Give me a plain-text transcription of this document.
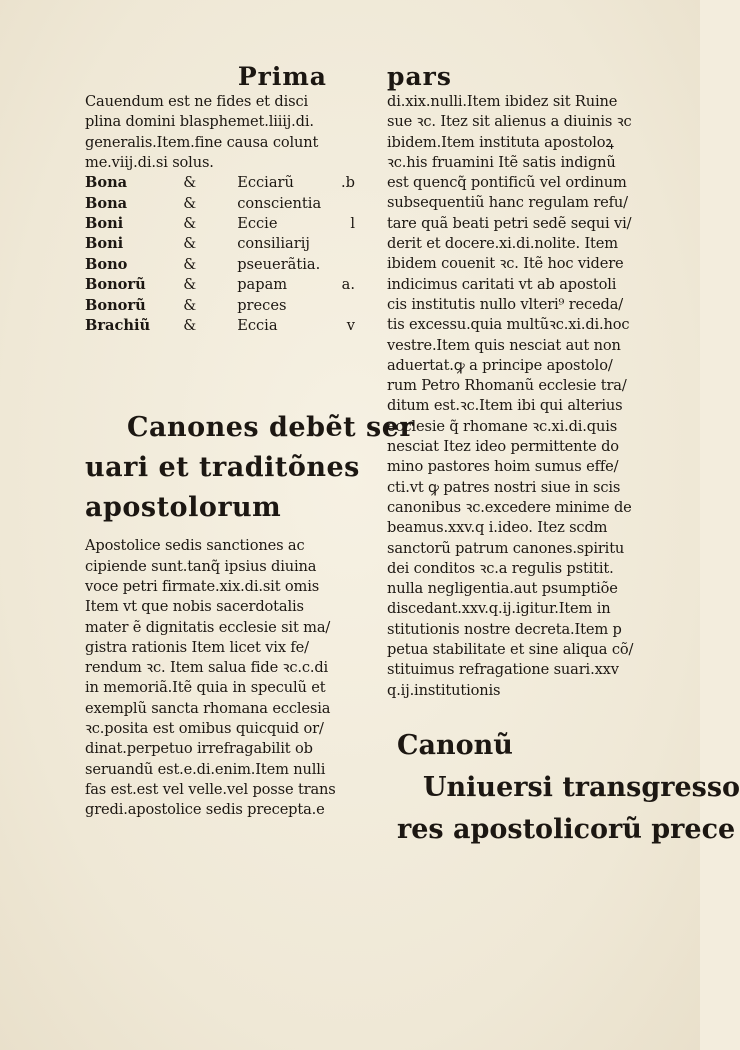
Prima
Cauendum est ne fides et disci
plina domini blasphemet.liiij.di.
generalis.Item.fine causa colunt
me.viij.di.si solus.
Bona	&	Ecciarũ	.b
Bona	&	conscientia
Boni	&	Eccie	l
Boni	&	consiliarij
Bono	&	pseuerãtia.
Bonorũ	&	papam	a.
Bonorũ	&	preces
Brachiũ	&	Eccia	v
Canones debẽt ser
uari et traditõnes
apostolorum
Apostolice sedis sanctiones ac
cipiende sunt.tanq̃ ipsius diuina
voce petri firmate.xix.di.sit omis
Item vt que nobis sacerdotalis
mater ẽ dignitatis ecclesie sit ma/
gistra rationis Item licet vix fe/
rendum ꝛc. Item salua fide ꝛc.c.di
in memoriã.Itẽ quia in speculũ et
exemplũ sancta rhomana ecclesia
ꝛc.posita est omibus quicquid or/
dinat.perpetuo irrefragabilit ob
seruandũ est.e.di.enim.Item nulli
fas est.est vel velle.vel posse trans
gredi.apostolice sedis precepta.e
pars
di.xix.nulli.Item ibidez sit Ruine
sue ꝛc. Itez sit alienus a diuinis ꝛc
ibidem.Item instituta apostoloꝝ
ꝛc.his fruamini Itẽ satis indignũ
est quencq̃ pontificũ vel ordinum
subsequentiũ hanc regulam refu/
tare quã beati petri sedẽ sequi vi/
derit et docere.xi.di.nolite. Item
ibidem couenit ꝛc. Itẽ hoc videre
indicimus caritati vt ab apostoli
cis institutis nullo vlteri⁹ receda/
tis excessu.quia multũꝛc.xi.di.hoc
vestre.Item quis nesciat aut non
aduertat.ꝙ a principe apostolo/
rum Petro Rhomanũ ecclesie tra/
ditum est.ꝛc.Item ibi qui alterius
ecclesie q̃ rhomane ꝛc.xi.di.quis
nesciat Itez ideo permittente do
mino pastores hoim sumus effe/
cti.vt ꝙ patres nostri siue in scis
canonibus ꝛc.excedere minime de
beamus.xxv.q i.ideo. Itez scdm
sanctorũ patrum canones.spiritu
dei conditos ꝛc.a regulis pstitit.
nulla negligentia.aut psumptiõe
discedant.xxv.q.ij.igitur.Item in
stitutionis nostre decreta.Item p
petua stabilitate et sine aliqua cõ/
stituimus refragatione suari.xxv
q.ij.institutionis
Canonũ
Uniuersi transgresso
res apostolicorũ prece
